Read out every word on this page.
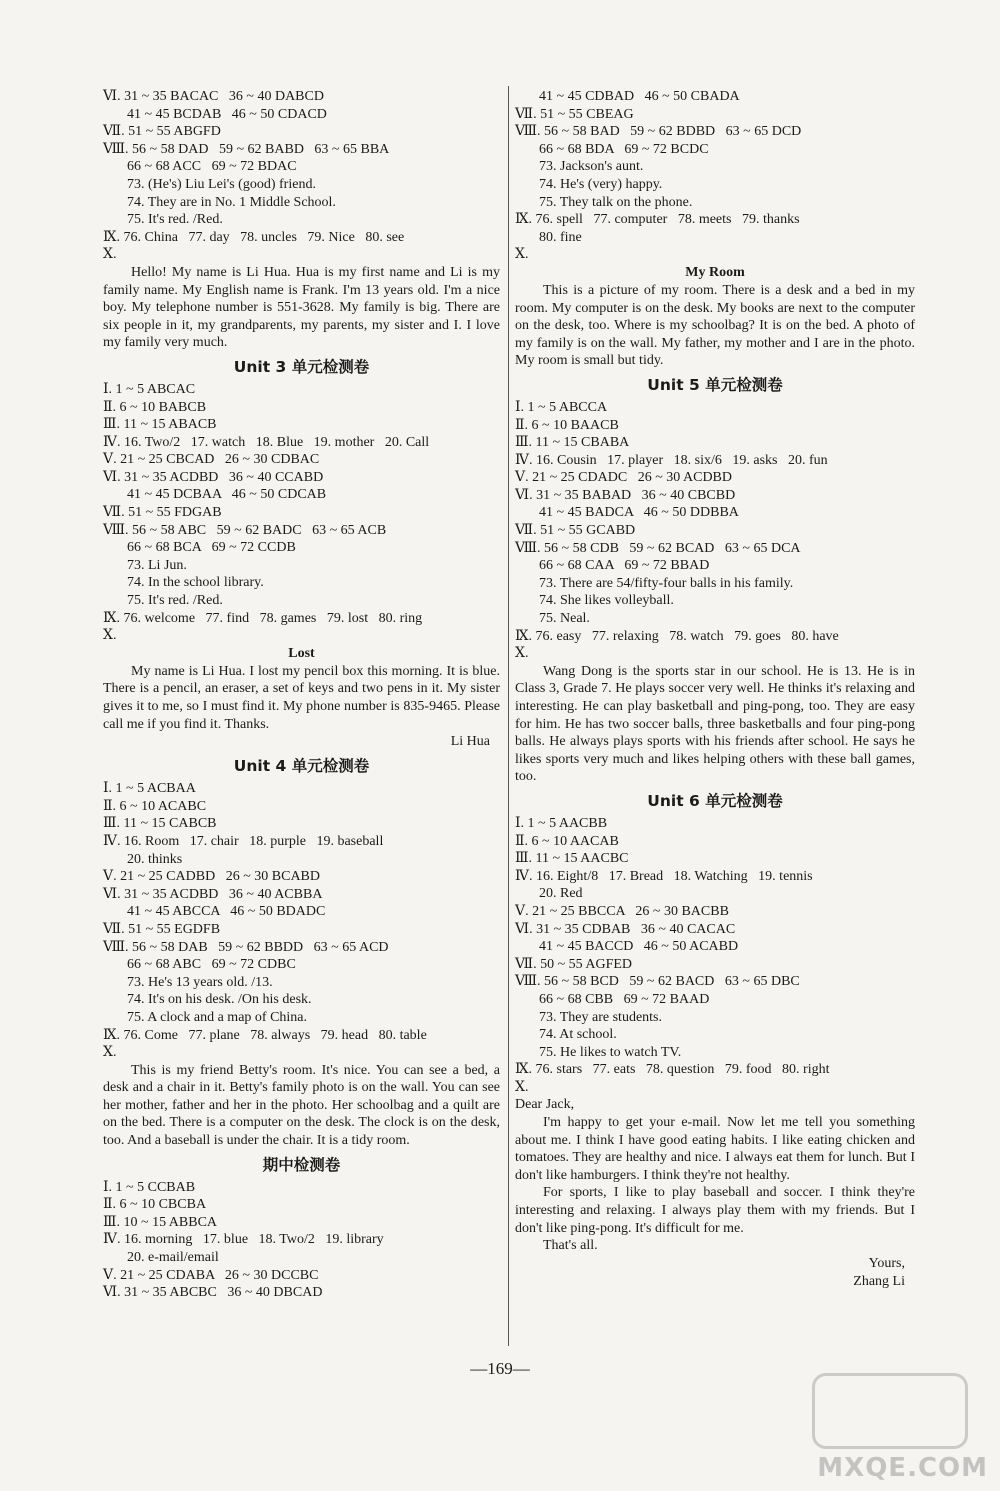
Ⅵ. 31 ~ 35 BACAC   36 ~ 40 DABCD
41 ~ 45 BCDAB   46 ~ 50 CDACD
Ⅶ. 51 ~ 55 ABGFD
Ⅷ. 56 ~ 58 DAD   59 ~ 62 BABD   63 ~ 65 BBA
66 ~ 68 ACC   69 ~ 72 BDAC
73. (He's) Liu Lei's (good) friend.
74. They are in No. 1 Middle School.
75. It's red. /Red.
Ⅸ. 76. China   77. day   78. uncles   79. Nice   80. see
Ⅹ.
Hello! My name is Li Hua. Hua is my first name and Li is my family name. My English name is Frank. I'm 13 years old. I'm a nice boy. My telephone number is 551-3628. My family is big. There are six people in it, my grandparents, my parents, my sister and I. I love my family very much.
Unit 3 单元检测卷
Ⅰ. 1 ~ 5 ABCAC
Ⅱ. 6 ~ 10 BABCB
Ⅲ. 11 ~ 15 ABACB
Ⅳ. 16. Two/2   17. watch   18. Blue   19. mother   20. Call
Ⅴ. 21 ~ 25 CBCAD   26 ~ 30 CDBAC
Ⅵ. 31 ~ 35 ACDBD   36 ~ 40 CCABD
41 ~ 45 DCBAA   46 ~ 50 CDCAB
Ⅶ. 51 ~ 55 FDGAB
Ⅷ. 56 ~ 58 ABC   59 ~ 62 BADC   63 ~ 65 ACB
66 ~ 68 BCA   69 ~ 72 CCDB
73. Li Jun.
74. In the school library.
75. It's red. /Red.
Ⅸ. 76. welcome   77. find   78. games   79. lost   80. ring
Ⅹ.
Lost
My name is Li Hua. I lost my pencil box this morning. It is blue. There is a pencil, an eraser, a set of keys and two pens in it. My sister gives it to me, so I must find it. My phone number is 835-9465. Please call me if you find it. Thanks.
Li Hua
Unit 4 单元检测卷
Ⅰ. 1 ~ 5 ACBAA
Ⅱ. 6 ~ 10 ACABC
Ⅲ. 11 ~ 15 CABCB
Ⅳ. 16. Room   17. chair   18. purple   19. baseball
20. thinks
Ⅴ. 21 ~ 25 CADBD   26 ~ 30 BCABD
Ⅵ. 31 ~ 35 ACDBD   36 ~ 40 ACBBA
41 ~ 45 ABCCA   46 ~ 50 BDADC
Ⅶ. 51 ~ 55 EGDFB
Ⅷ. 56 ~ 58 DAB   59 ~ 62 BBDD   63 ~ 65 ACD
66 ~ 68 ABC   69 ~ 72 CDBC
73. He's 13 years old. /13.
74. It's on his desk. /On his desk.
75. A clock and a map of China.
Ⅸ. 76. Come   77. plane   78. always   79. head   80. table
Ⅹ.
This is my friend Betty's room. It's nice. You can see a bed, a desk and a chair in it. Betty's family photo is on the wall. You can see her mother, father and her in the photo. Her schoolbag and a quilt are on the bed. There is a computer on the desk. The clock is on the desk, too. And a baseball is under the chair. It is a tidy room.
期中检测卷
Ⅰ. 1 ~ 5 CCBAB
Ⅱ. 6 ~ 10 CBCBA
Ⅲ. 10 ~ 15 ABBCA
Ⅳ. 16. morning   17. blue   18. Two/2   19. library
20. e-mail/email
Ⅴ. 21 ~ 25 CDABA   26 ~ 30 DCCBC
Ⅵ. 31 ~ 35 ABCBC   36 ~ 40 DBCAD
41 ~ 45 CDBAD   46 ~ 50 CBADA
Ⅶ. 51 ~ 55 CBEAG
Ⅷ. 56 ~ 58 BAD   59 ~ 62 BDBD   63 ~ 65 DCD
66 ~ 68 BDA   69 ~ 72 BCDC
73. Jackson's aunt.
74. He's (very) happy.
75. They talk on the phone.
Ⅸ. 76. spell   77. computer   78. meets   79. thanks
80. fine
Ⅹ.
My Room
This is a picture of my room. There is a desk and a bed in my room. My computer is on the desk. My books are next to the computer on the desk, too. Where is my schoolbag? It is on the bed. A photo of my family is on the wall. My father, my mother and I are in the photo. My room is small but tidy.
Unit 5 单元检测卷
Ⅰ. 1 ~ 5 ABCCA
Ⅱ. 6 ~ 10 BAACB
Ⅲ. 11 ~ 15 CBABA
Ⅳ. 16. Cousin   17. player   18. six/6   19. asks   20. fun
Ⅴ. 21 ~ 25 CDADC   26 ~ 30 ACDBD
Ⅵ. 31 ~ 35 BABAD   36 ~ 40 CBCBD
41 ~ 45 BADCA   46 ~ 50 DDBBA
Ⅶ. 51 ~ 55 GCABD
Ⅷ. 56 ~ 58 CDB   59 ~ 62 BCAD   63 ~ 65 DCA
66 ~ 68 CAA   69 ~ 72 BBAD
73. There are 54/fifty-four balls in his family.
74. She likes volleyball.
75. Neal.
Ⅸ. 76. easy   77. relaxing   78. watch   79. goes   80. have
Ⅹ.
Wang Dong is the sports star in our school. He is 13. He is in Class 3, Grade 7. He plays soccer very well. He thinks it's relaxing and interesting. He can play basketball and ping-pong, too. They are easy for him. He has two soccer balls, three basketballs and four ping-pong balls. He always plays sports with his friends after school. He says he likes sports very much and likes helping others with these ball games, too.
Unit 6 单元检测卷
Ⅰ. 1 ~ 5 AACBB
Ⅱ. 6 ~ 10 AACAB
Ⅲ. 11 ~ 15 AACBC
Ⅳ. 16. Eight/8   17. Bread   18. Watching   19. tennis
20. Red
Ⅴ. 21 ~ 25 BBCCA   26 ~ 30 BACBB
Ⅵ. 31 ~ 35 CDBAB   36 ~ 40 CACAC
41 ~ 45 BACCD   46 ~ 50 ACABD
Ⅶ. 50 ~ 55 AGFED
Ⅷ. 56 ~ 58 BCD   59 ~ 62 BACD   63 ~ 65 DBC
66 ~ 68 CBB   69 ~ 72 BAAD
73. They are students.
74. At school.
75. He likes to watch TV.
Ⅸ. 76. stars   77. eats   78. question   79. food   80. right
Ⅹ.
Dear Jack,
I'm happy to get your e-mail. Now let me tell you something about me. I think I have good eating habits. I like eating chicken and tomatoes. They are healthy and nice. I always eat them for lunch. But I don't like hamburgers. I think they're not healthy.
For sports, I like to play baseball and soccer. I think they're interesting and relaxing. I always play them with my friends. But I don't like ping-pong. It's difficult for me.
That's all.
Yours,
Zhang Li
—169—
MXQE.COM
